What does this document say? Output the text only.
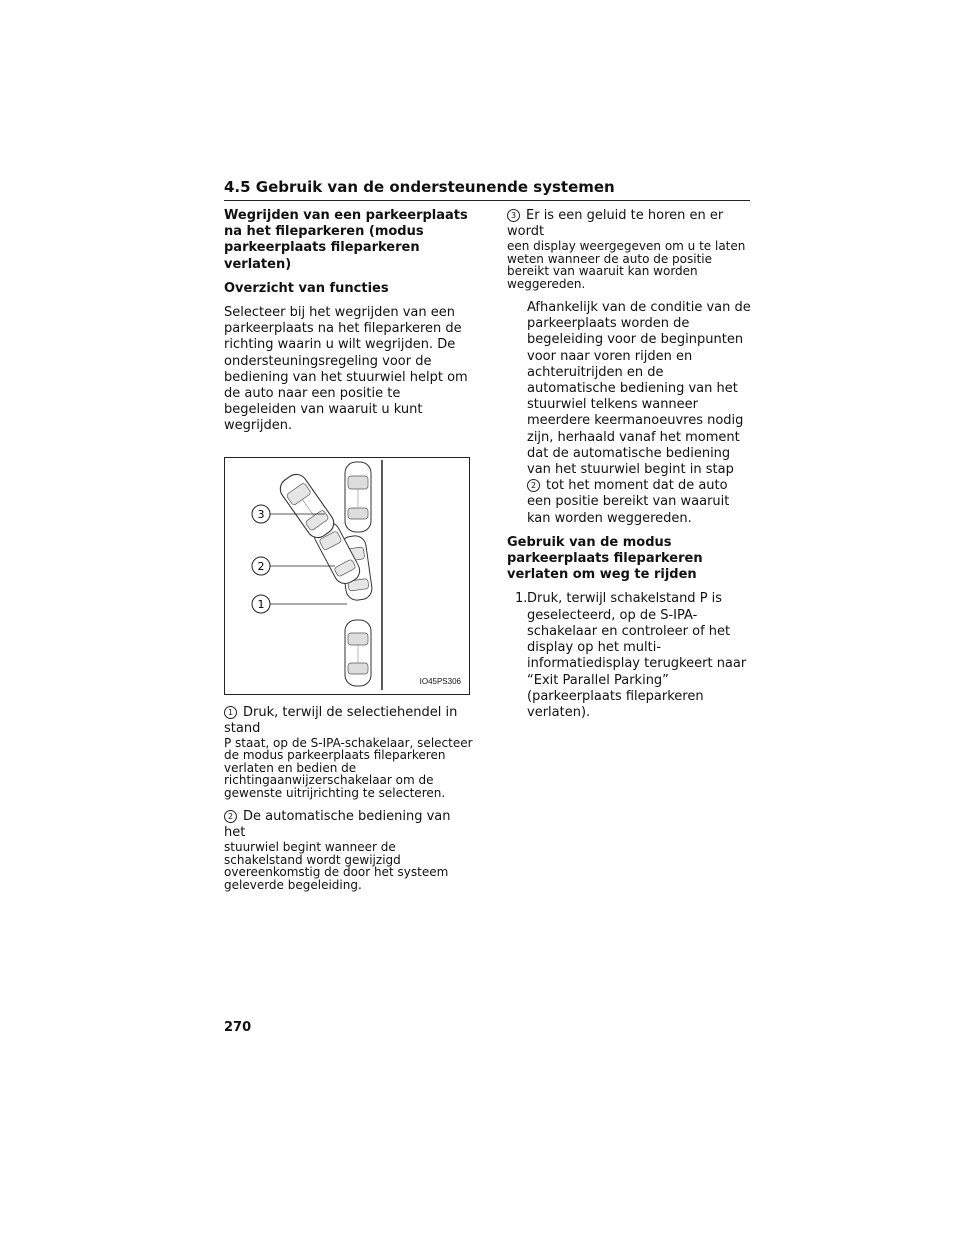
4.5 Gebruik van de ondersteunende systemen

Wegrijden van een parkeerplaats na het fileparkeren (modus parkeerplaats fileparkeren verlaten)

Overzicht van functies

Selecteer bij het wegrijden van een parkeerplaats na het fileparkeren de richting waarin u wilt wegrijden. De ondersteuningsregeling voor de bediening van het stuurwiel helpt om de auto naar een positie te begeleiden van waaruit u kunt wegrijden.

3
2
1
IO45PS306
1 Druk, terwijl de selectiehendel in stand
P staat, op de S-IPA-schakelaar, selecteer de modus parkeerplaats fileparkeren verlaten en bedien de richtingaanwijzerschakelaar om de gewenste uitrijrichting te selecteren.
2 De automatische bediening van het
stuurwiel begint wanneer de schakelstand wordt gewijzigd overeenkomstig de door het systeem geleverde begeleiding.
3 Er is een geluid te horen en er wordt
een display weergegeven om u te laten weten wanneer de auto de positie bereikt van waaruit kan worden weggereden.

Afhankelijk van de conditie van de parkeerplaats worden de begeleiding voor de beginpunten voor naar voren rijden en achteruitrijden en de automatische bediening van het stuurwiel telkens wanneer meerdere keermanoeuvres nodig zijn, herhaald vanaf het moment dat de automatische bediening van het stuurwiel begint in stap 2 tot het moment dat de auto een positie bereikt van waaruit kan worden weggereden.

Gebruik van de modus parkeerplaats fileparkeren verlaten om weg te rijden

1. Druk, terwijl schakelstand P is geselecteerd, op de S-IPA-schakelaar en controleer of het display op het multi-informatiedisplay terugkeert naar “Exit Parallel Parking” (parkeerplaats fileparkeren verlaten).
270
